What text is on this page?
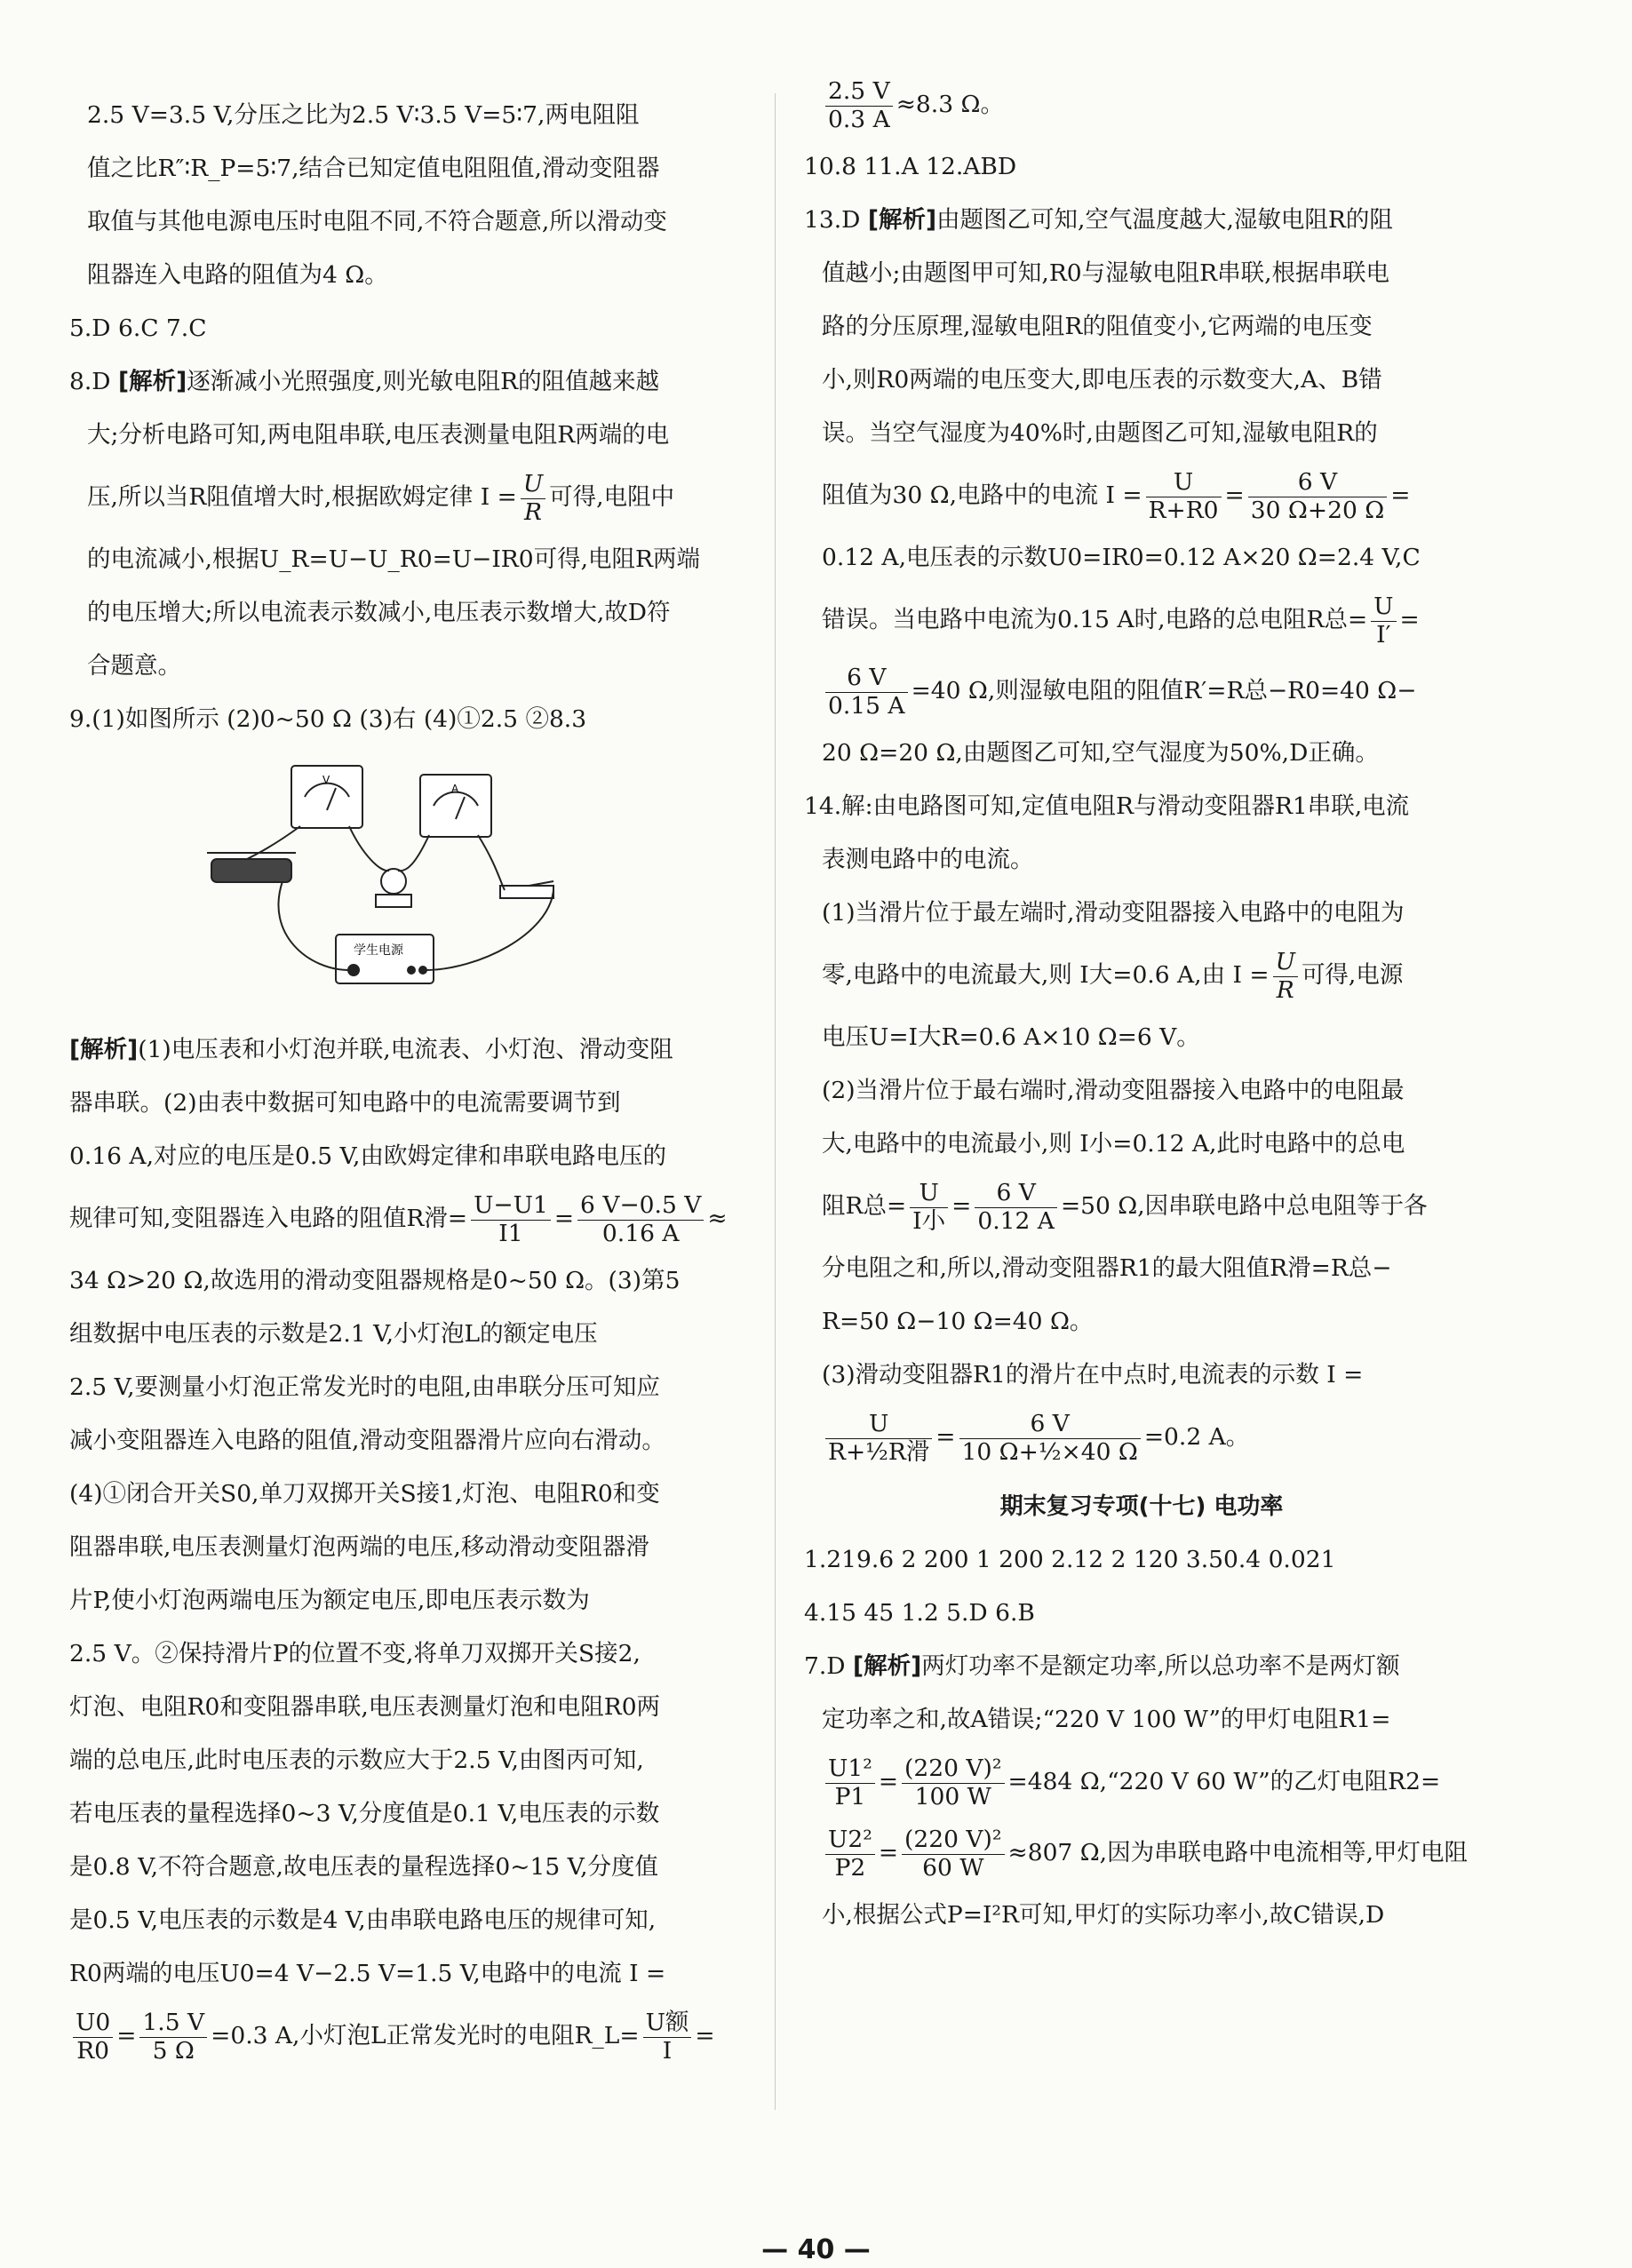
2.5 V=3.5 V,分压之比为2.5 V∶3.5 V=5∶7,两电阻阻

值之比R″∶R_P=5∶7,结合已知定值电阻阻值,滑动变阻器

取值与其他电源电压时电阻不同,不符合题意,所以滑动变

阻器连入电路的阻值为4 Ω。

5.D 6.C 7.C

8.D [解析]逐渐减小光照强度,则光敏电阻R的阻值越来越

大;分析电路可知,两电阻串联,电压表测量电阻R两端的电

压,所以当R阻值增大时,根据欧姆定律 $I = \frac{U}{R}$ 可得,电阻中

的电流减小,根据U_R=U−U_R0=U−IR0可得,电阻R两端

的电压增大;所以电流表示数减小,电压表示数增大,故D符

合题意。

9.(1)如图所示 (2)0~50 Ω (3)右 (4)①2.5 ②8.3

V
A
学生电源

[解析](1)电压表和小灯泡并联,电流表、小灯泡、滑动变阻

器串联。(2)由表中数据可知电路中的电流需要调节到

0.16 A,对应的电压是0.5 V,由欧姆定律和串联电路电压的

规律可知,变阻器连入电路的阻值R滑= $\frac{U-U1}{I1} = \frac{6 V-0.5 V}{0.16 A}$ ≈

34 Ω>20 Ω,故选用的滑动变阻器规格是0~50 Ω。(3)第5

组数据中电压表的示数是2.1 V,小灯泡L的额定电压

2.5 V,要测量小灯泡正常发光时的电阻,由串联分压可知应

减小变阻器连入电路的阻值,滑动变阻器滑片应向右滑动。

(4)①闭合开关S0,单刀双掷开关S接1,灯泡、电阻R0和变

阻器串联,电压表测量灯泡两端的电压,移动滑动变阻器滑

片P,使小灯泡两端电压为额定电压,即电压表示数为

2.5 V。②保持滑片P的位置不变,将单刀双掷开关S接2,

灯泡、电阻R0和变阻器串联,电压表测量灯泡和电阻R0两

端的总电压,此时电压表的示数应大于2.5 V,由图丙可知,

若电压表的量程选择0~3 V,分度值是0.1 V,电压表的示数

是0.8 V,不符合题意,故电压表的量程选择0~15 V,分度值

是0.5 V,电压表的示数是4 V,由串联电路电压的规律可知,

R0两端的电压U0=4 V−2.5 V=1.5 V,电路中的电流 I =

$\frac{U0}{R0} = \frac{1.5 V}{5 \Omega} =0.3$ A,小灯泡L正常发光时的电阻R_L= $\frac{\text{U额}}{I}$ =

$\frac{2.5 V}{0.3 A} \approx 8.3$ Ω。

10.8 11.A 12.ABD

13.D [解析]由题图乙可知,空气温度越大,湿敏电阻R的阻

值越小;由题图甲可知,R0与湿敏电阻R串联,根据串联电

路的分压原理,湿敏电阻R的阻值变小,它两端的电压变

小,则R0两端的电压变大,即电压表的示数变大,A、B错

误。当空气湿度为40%时,由题图乙可知,湿敏电阻R的

阻值为30 Ω,电路中的电流 $I = \frac{U}{R+R0} = \frac{6 V}{30 \Omega+20 \Omega}$ =

0.12 A,电压表的示数U0=IR0=0.12 A×20 Ω=2.4 V,C

错误。当电路中电流为0.15 A时,电路的总电阻R总= $\frac{U}{I'}$ =

$\frac{6 V}{0.15 A} =40$ Ω,则湿敏电阻的阻值R′=R总−R0=40 Ω−

20 Ω=20 Ω,由题图乙可知,空气湿度为50%,D正确。

14.解:由电路图可知,定值电阻R与滑动变阻器R1串联,电流

表测电路中的电流。

(1)当滑片位于最左端时,滑动变阻器接入电路中的电阻为

零,电路中的电流最大,则 I大=0.6 A,由 $I = \frac{U}{R}$ 可得,电源

电压U=I大R=0.6 A×10 Ω=6 V。

(2)当滑片位于最右端时,滑动变阻器接入电路中的电阻最

大,电路中的电流最小,则 I小=0.12 A,此时电路中的总电

阻R总= $\frac{U}{\text{I小}} = \frac{6 V}{0.12 A} =50$ Ω,因串联电路中总电阻等于各

分电阻之和,所以,滑动变阻器R1的最大阻值R滑=R总−

R=50 Ω−10 Ω=40 Ω。

(3)滑动变阻器R1的滑片在中点时,电流表的示数 I =

$\frac{U}{\text{R+½R滑}} = \frac{6 V}{\text{10 Ω+½×40 Ω}} =0.2$ A。

期末复习专项(十七) 电功率

1.219.6 2 200 1 200 2.12 2 120 3.50.4 0.021

4.15 45 1.2 5.D 6.B

7.D [解析]两灯功率不是额定功率,所以总功率不是两灯额

定功率之和,故A错误;“220 V 100 W”的甲灯电阻R1=

$\frac{\text{U1²}}{P1} = \frac{\text{(220 V)²}}{100 W} =484$ Ω,“220 V 60 W”的乙灯电阻R2=

$\frac{\text{U2²}}{P2} = \frac{\text{(220 V)²}}{60 W} \approx 807$ Ω,因为串联电路中电流相等,甲灯电阻

小,根据公式P=I²R可知,甲灯的实际功率小,故C错误,D

— 40 —
